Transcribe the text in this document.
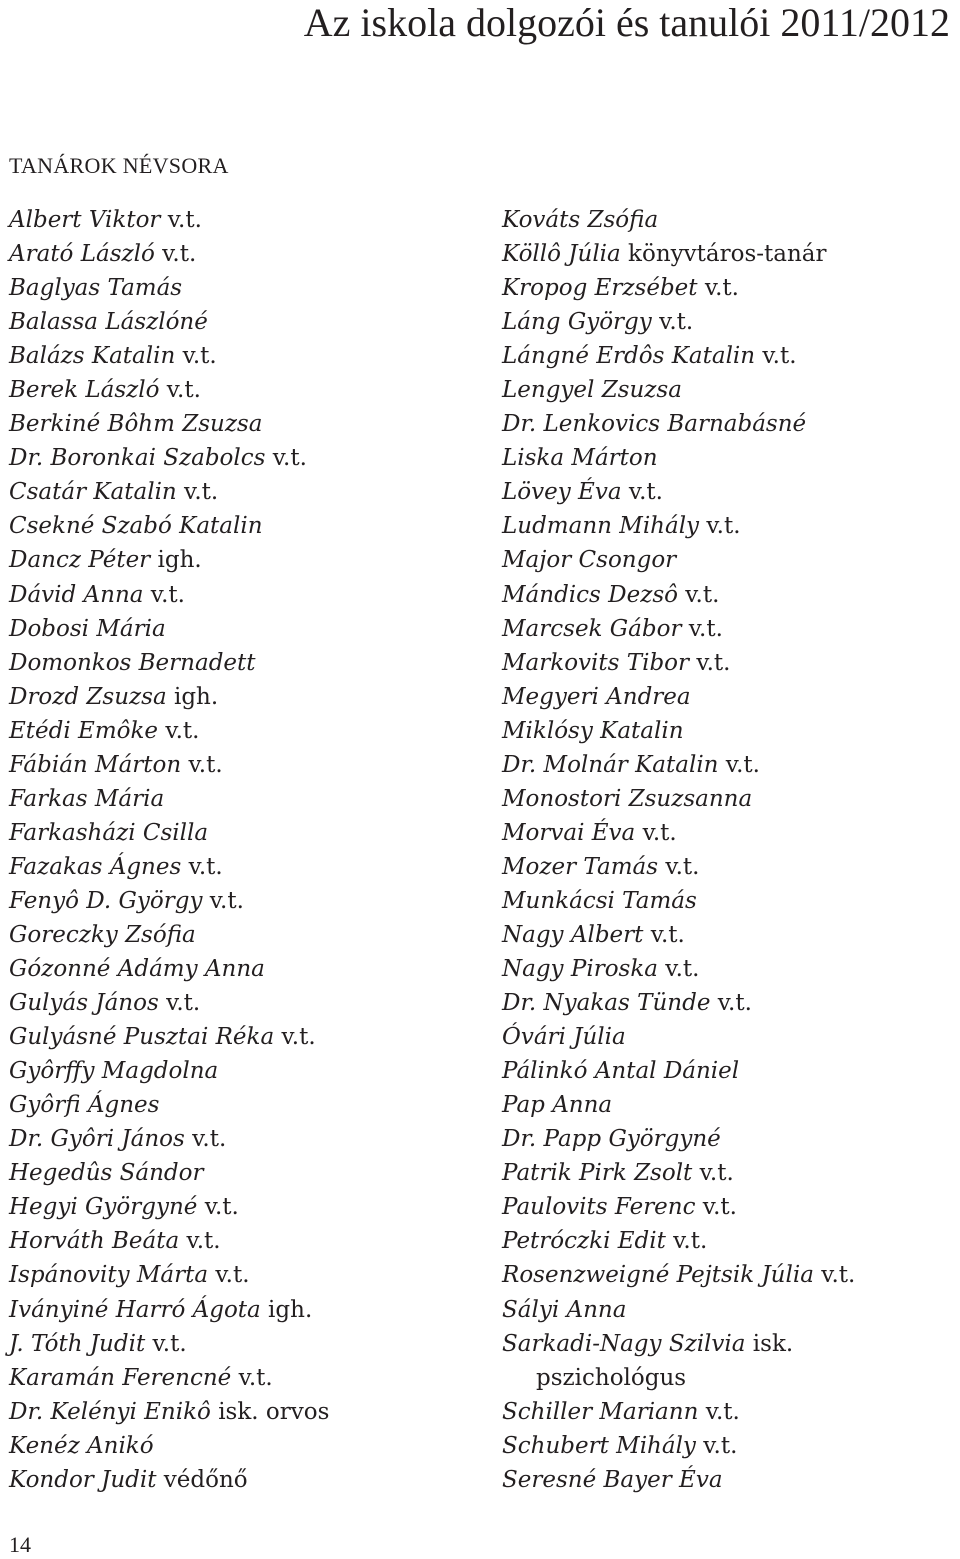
Az iskola dolgozói és tanulói 2011/2012
TANÁROK NÉVSORA
Albert Viktor v.t.
Arató László v.t.
Baglyas Tamás
Balassa Lászlóné
Balázs Katalin v.t.
Berek László v.t.
Berkiné Bôhm Zsuzsa
Dr. Boronkai Szabolcs v.t.
Csatár Katalin v.t.
Csekné Szabó Katalin
Dancz Péter igh.
Dávid Anna v.t.
Dobosi Mária
Domonkos Bernadett
Drozd Zsuzsa igh.
Etédi Emôke v.t.
Fábián Márton v.t.
Farkas Mária
Farkasházi Csilla
Fazakas Ágnes v.t.
Fenyô D. György v.t.
Goreczky Zsófia
Gózonné Adámy Anna
Gulyás János v.t.
Gulyásné Pusztai Réka v.t.
Gyôrffy Magdolna
Gyôrfi Ágnes
Dr. Gyôri János v.t.
Hegedûs Sándor
Hegyi Györgyné v.t.
Horváth Beáta v.t.
Ispánovity Márta v.t.
Iványiné Harró Ágota igh.
J. Tóth Judit v.t.
Karamán Ferencné v.t.
Dr. Kelényi Enikô isk. orvos
Kenéz Anikó
Kondor Judit védőnő
Kováts Zsófia
Köllô Júlia könyvtáros-tanár
Kropog Erzsébet v.t.
Láng György v.t.
Lángné Erdôs Katalin v.t.
Lengyel Zsuzsa
Dr. Lenkovics Barnabásné
Liska Márton
Lövey Éva v.t.
Ludmann Mihály v.t.
Major Csongor
Mándics Dezsô v.t.
Marcsek Gábor v.t.
Markovits Tibor v.t.
Megyeri Andrea
Miklósy Katalin
Dr. Molnár Katalin v.t.
Monostori Zsuzsanna
Morvai Éva v.t.
Mozer Tamás v.t.
Munkácsi Tamás
Nagy Albert v.t.
Nagy Piroska v.t.
Dr. Nyakas Tünde v.t.
Óvári Júlia
Pálinkó Antal Dániel
Pap Anna
Dr. Papp Györgyné
Patrik Pirk Zsolt v.t.
Paulovits Ferenc v.t.
Petróczki Edit v.t.
Rosenzweigné Pejtsik Júlia v.t.
Sályi Anna
Sarkadi-Nagy Szilvia isk.
pszichológus
Schiller Mariann v.t.
Schubert Mihály v.t.
Seresné Bayer Éva
14
